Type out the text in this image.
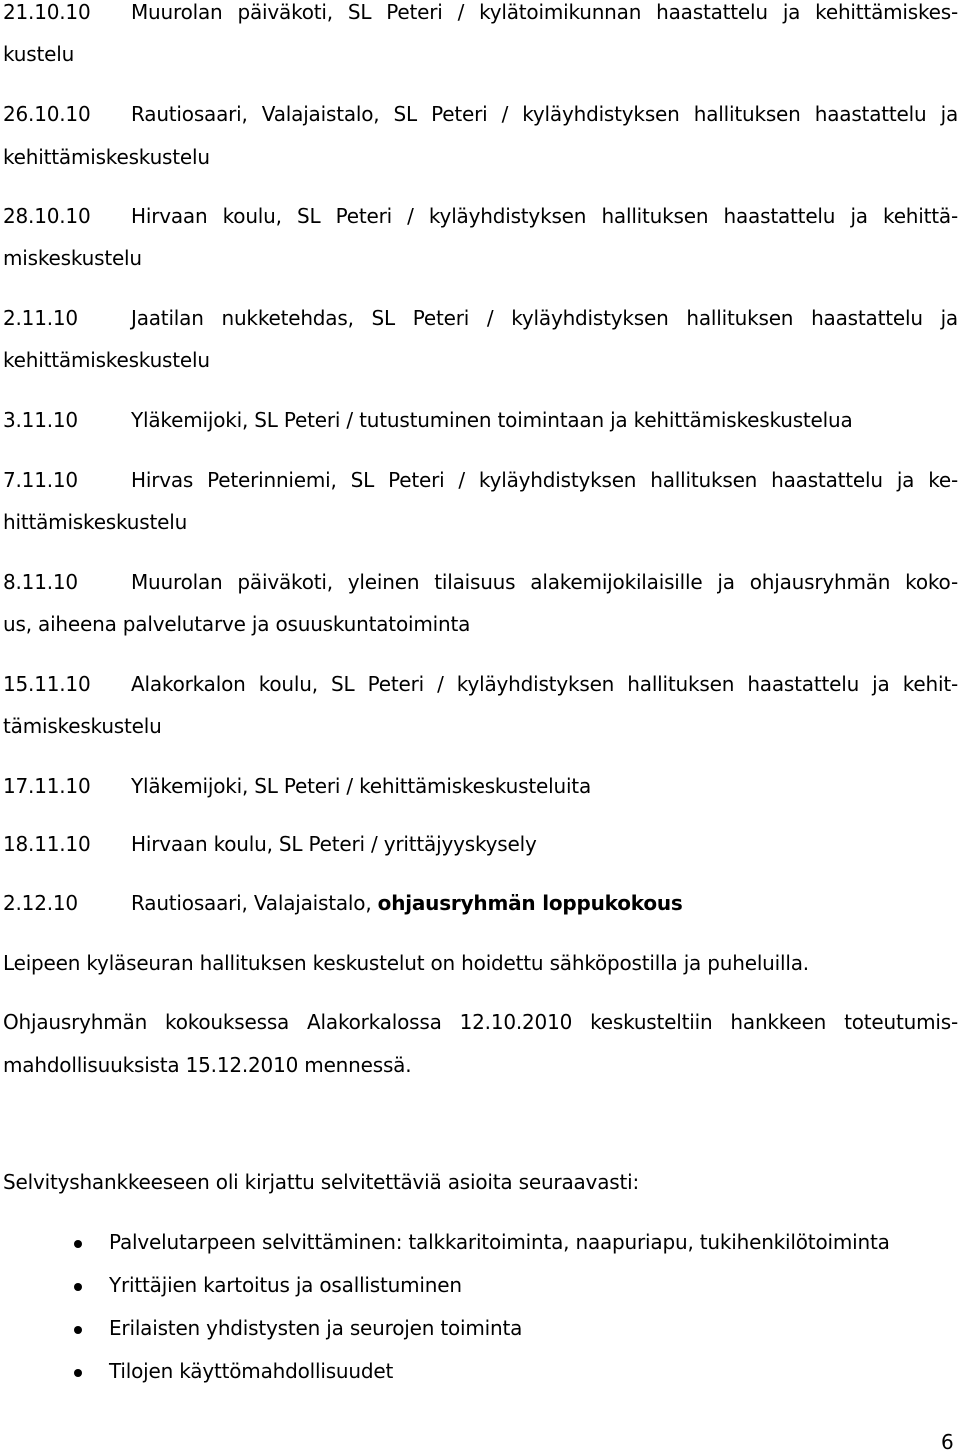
21.10.10 Muurolan päiväkoti, SL Peteri / kylätoimikunnan haastattelu ja kehittämiskes-
kustelu
26.10.10 Rautiosaari, Valajaistalo, SL Peteri / kyläyhdistyksen hallituksen haastattelu ja
kehittämiskeskustelu
28.10.10 Hirvaan koulu, SL Peteri / kyläyhdistyksen hallituksen haastattelu ja kehittä-
miskeskustelu
2.11.10	Jaatilan nukketehdas, SL Peteri / kyläyhdistyksen hallituksen haastattelu ja
kehittämiskeskustelu
3.11.10	Yläkemijoki, SL Peteri / tutustuminen toimintaan ja kehittämiskeskustelua
7.11.10	Hirvas Peterinniemi, SL Peteri / kyläyhdistyksen hallituksen haastattelu ja ke-
hittämiskeskustelu
8.11.10	Muurolan päiväkoti, yleinen tilaisuus alakemijokilaisille ja ohjausryhmän koko-
us, aiheena palvelutarve ja osuuskuntatoiminta
15.11.10 Alakorkalon koulu, SL Peteri / kyläyhdistyksen hallituksen haastattelu ja kehit-
tämiskeskustelu
17.11.10 Yläkemijoki, SL Peteri / kehittämiskeskusteluita
18.11.10 Hirvaan koulu, SL Peteri / yrittäjyyskysely
2.12.10	Rautiosaari, Valajaistalo, ohjausryhmän loppukokous
Leipeen kyläseuran hallituksen keskustelut on hoidettu sähköpostilla ja puheluilla.
Ohjausryhmän kokouksessa Alakorkalossa 12.10.2010 keskusteltiin hankkeen toteutumis-
mahdollisuuksista 15.12.2010 mennessä.
Selvityshankkeeseen oli kirjattu selvitettäviä asioita seuraavasti:
Palvelutarpeen selvittäminen: talkkaritoiminta, naapuriapu, tukihenkilötoiminta
Yrittäjien kartoitus ja osallistuminen
Erilaisten yhdistysten ja seurojen toiminta
Tilojen käyttömahdollisuudet
6
